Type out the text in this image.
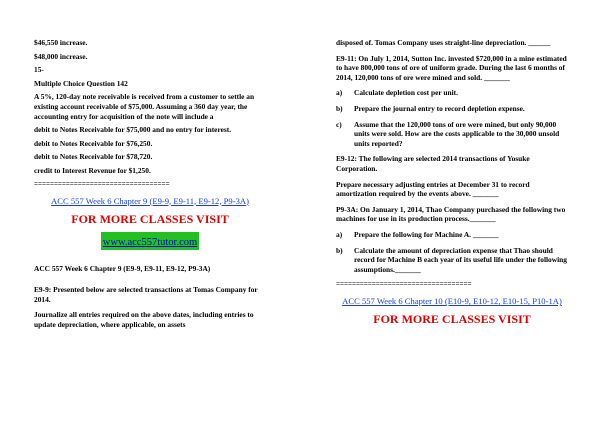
$46,550 increase.

$48,000 increase.

15-

Multiple Choice Question 142

A 5%, 120-day note receivable is received from a customer to settle an existing account receivable of $75,000. Assuming a 360 day year, the accounting entry for acquisition of the note will include a

debit to Notes Receivable for $75,000 and no entry for interest.

debit to Notes Receivable for $76,250.

debit to Notes Receivable for $78,720.

credit to Interest Revenue for $1,250.

==================================
ACC 557 Week 6 Chapter 9 (E9-9, E9-11, E9-12, P9-3A)
FOR MORE CLASSES VISIT
www.acc557tutor.com

ACC 557 Week 6 Chapter 9 (E9-9, E9-11, E9-12, P9-3A)

E9-9: Presented below are selected transactions at Tomas Company for 2014.

Journalize all entries required on the above dates, including entries to update depreciation, where applicable, on assets

disposed of. Tomas Company uses straight-line depreciation. ______

E9-11: On July 1, 2014, Sutton Inc. invested $720,000 in a mine estimated to have 800,000 tons of ore of uniform grade. During the last 6 months of 2014, 120,000 tons of ore were mined and sold. _______

a)	Calculate depletion cost per unit.

b)	Prepare the journal entry to record depletion expense.

c)	Assume that the 120,000 tons of ore were mined, but only 90,000 units were sold. How are the costs applicable to the 30,000 unsold units reported?

E9-12: The following are selected 2014 transactions of Yosuke Corporation.

Prepare necessary adjusting entries at December 31 to record amortization required by the events above. _______

P9-3A: On January 1, 2014, Thao Company purchased the following two machines for use in its production process._______

a)	Prepare the following for Machine A. _______

b)	Calculate the amount of depreciation expense that Thao should record for Machine B each year of its useful life under the following assumptions._______

==================================
ACC 557 Week 6 Chapter 10 (E10-9, E10-12, E10-15, P10-1A)
FOR MORE CLASSES VISIT
